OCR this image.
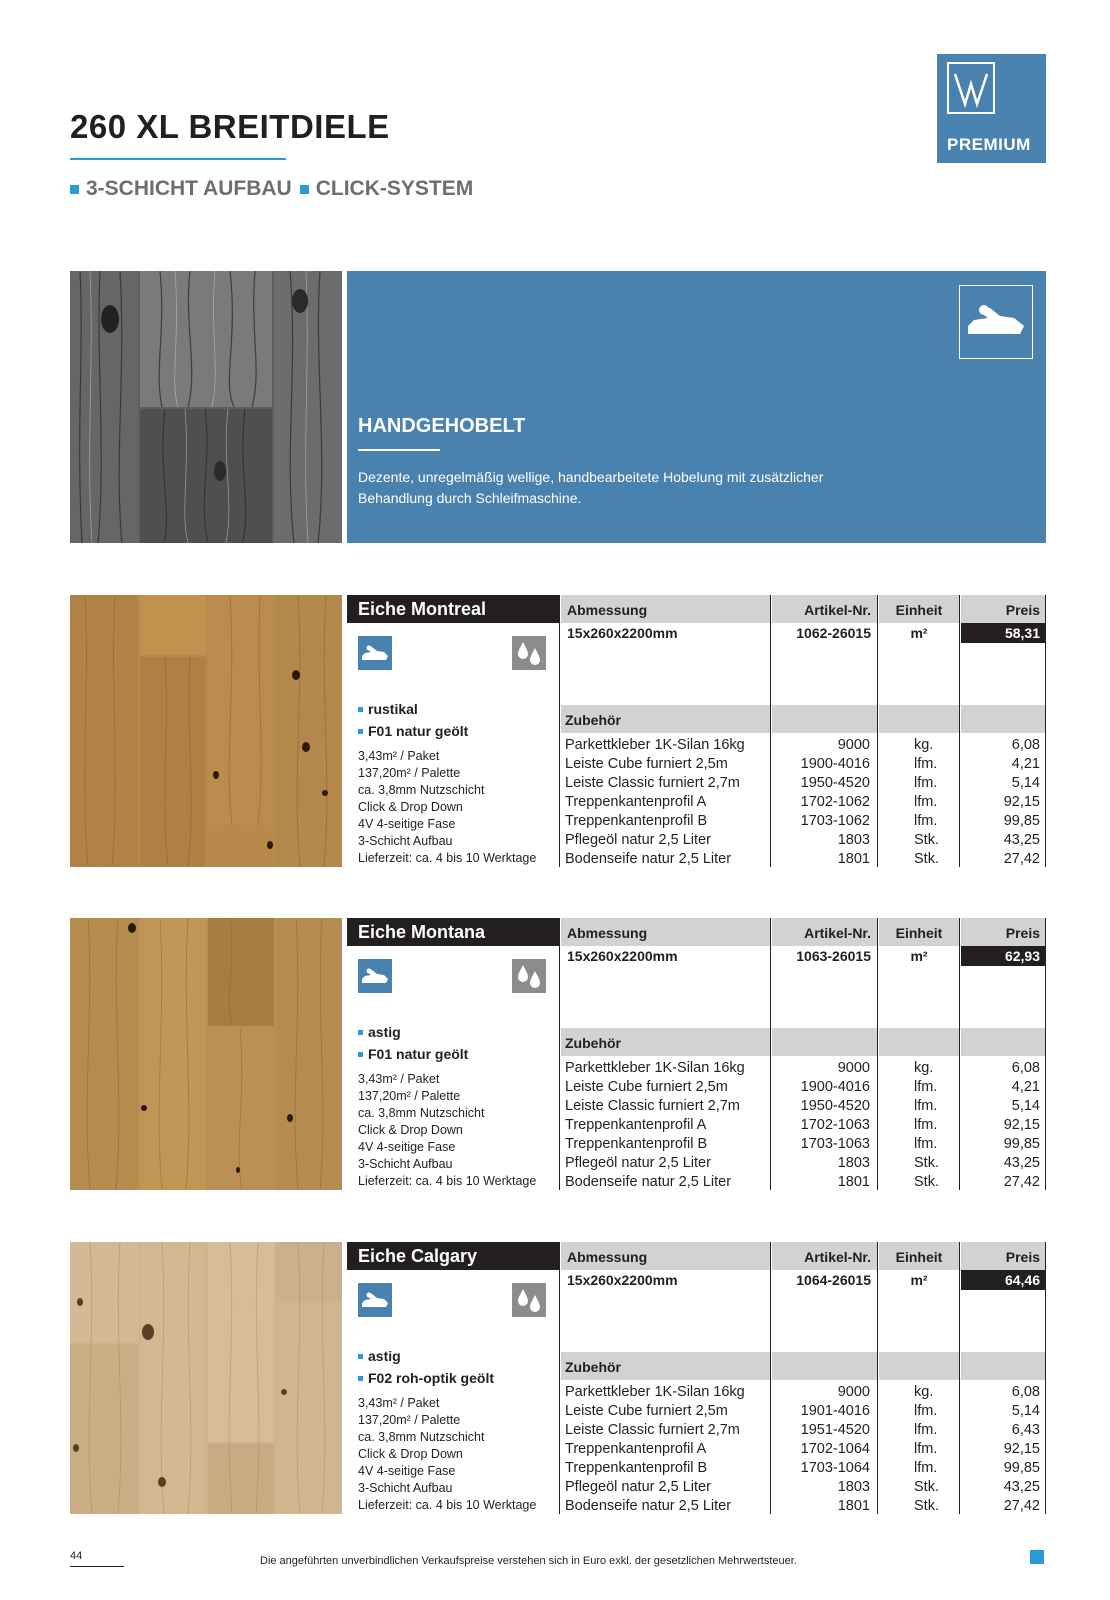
260 XL BREITDIELE
3-SCHICHT AUFBAU CLICK-SYSTEM
PREMIUM
HANDGEHOBELT
Dezente, unregelmäßig wellige, handbearbeitete Hobelung mit zusätzlicher Behandlung durch Schleifmaschine.
Eiche Montreal
rustikal
F01 natur geölt
3,43m² / Paket
137,20m² / Palette
ca. 3,8mm Nutzschicht
Click & Drop Down
4V 4-seitige Fase
3-Schicht Aufbau
Lieferzeit: ca. 4 bis 10 Werktage
Abmessung	Artikel-Nr.	Einheit	Preis
15x260x2200mm	1062-26015	m²	58,31
Zubehör
Parkettkleber 1K-Silan 16kg	9000	kg.	6,08
Leiste Cube furniert 2,5m	1900-4016	lfm.	4,21
Leiste Classic furniert 2,7m	1950-4520	lfm.	5,14
Treppenkantenprofil A	1702-1062	lfm.	92,15
Treppenkantenprofil B	1703-1062	lfm.	99,85
Pflegeöl natur 2,5 Liter	1803	Stk.	43,25
Bodenseife natur 2,5 Liter	1801	Stk.	27,42
Eiche Montana
astig
F01 natur geölt
3,43m² / Paket
137,20m² / Palette
ca. 3,8mm Nutzschicht
Click & Drop Down
4V 4-seitige Fase
3-Schicht Aufbau
Lieferzeit: ca. 4 bis 10 Werktage
Abmessung	Artikel-Nr.	Einheit	Preis
15x260x2200mm	1063-26015	m²	62,93
Zubehör
Parkettkleber 1K-Silan 16kg	9000	kg.	6,08
Leiste Cube furniert 2,5m	1900-4016	lfm.	4,21
Leiste Classic furniert 2,7m	1950-4520	lfm.	5,14
Treppenkantenprofil A	1702-1063	lfm.	92,15
Treppenkantenprofil B	1703-1063	lfm.	99,85
Pflegeöl natur 2,5 Liter	1803	Stk.	43,25
Bodenseife natur 2,5 Liter	1801	Stk.	27,42
Eiche Calgary
astig
F02 roh-optik geölt
3,43m² / Paket
137,20m² / Palette
ca. 3,8mm Nutzschicht
Click & Drop Down
4V 4-seitige Fase
3-Schicht Aufbau
Lieferzeit: ca. 4 bis 10 Werktage
Abmessung	Artikel-Nr.	Einheit	Preis
15x260x2200mm	1064-26015	m²	64,46
Zubehör
Parkettkleber 1K-Silan 16kg	9000	kg.	6,08
Leiste Cube furniert 2,5m	1901-4016	lfm.	5,14
Leiste Classic furniert 2,7m	1951-4520	lfm.	6,43
Treppenkantenprofil A	1702-1064	lfm.	92,15
Treppenkantenprofil B	1703-1064	lfm.	99,85
Pflegeöl natur 2,5 Liter	1803	Stk.	43,25
Bodenseife natur 2,5 Liter	1801	Stk.	27,42
44	Die angeführten unverbindlichen Verkaufspreise verstehen sich in Euro exkl. der gesetzlichen Mehrwertsteuer.
